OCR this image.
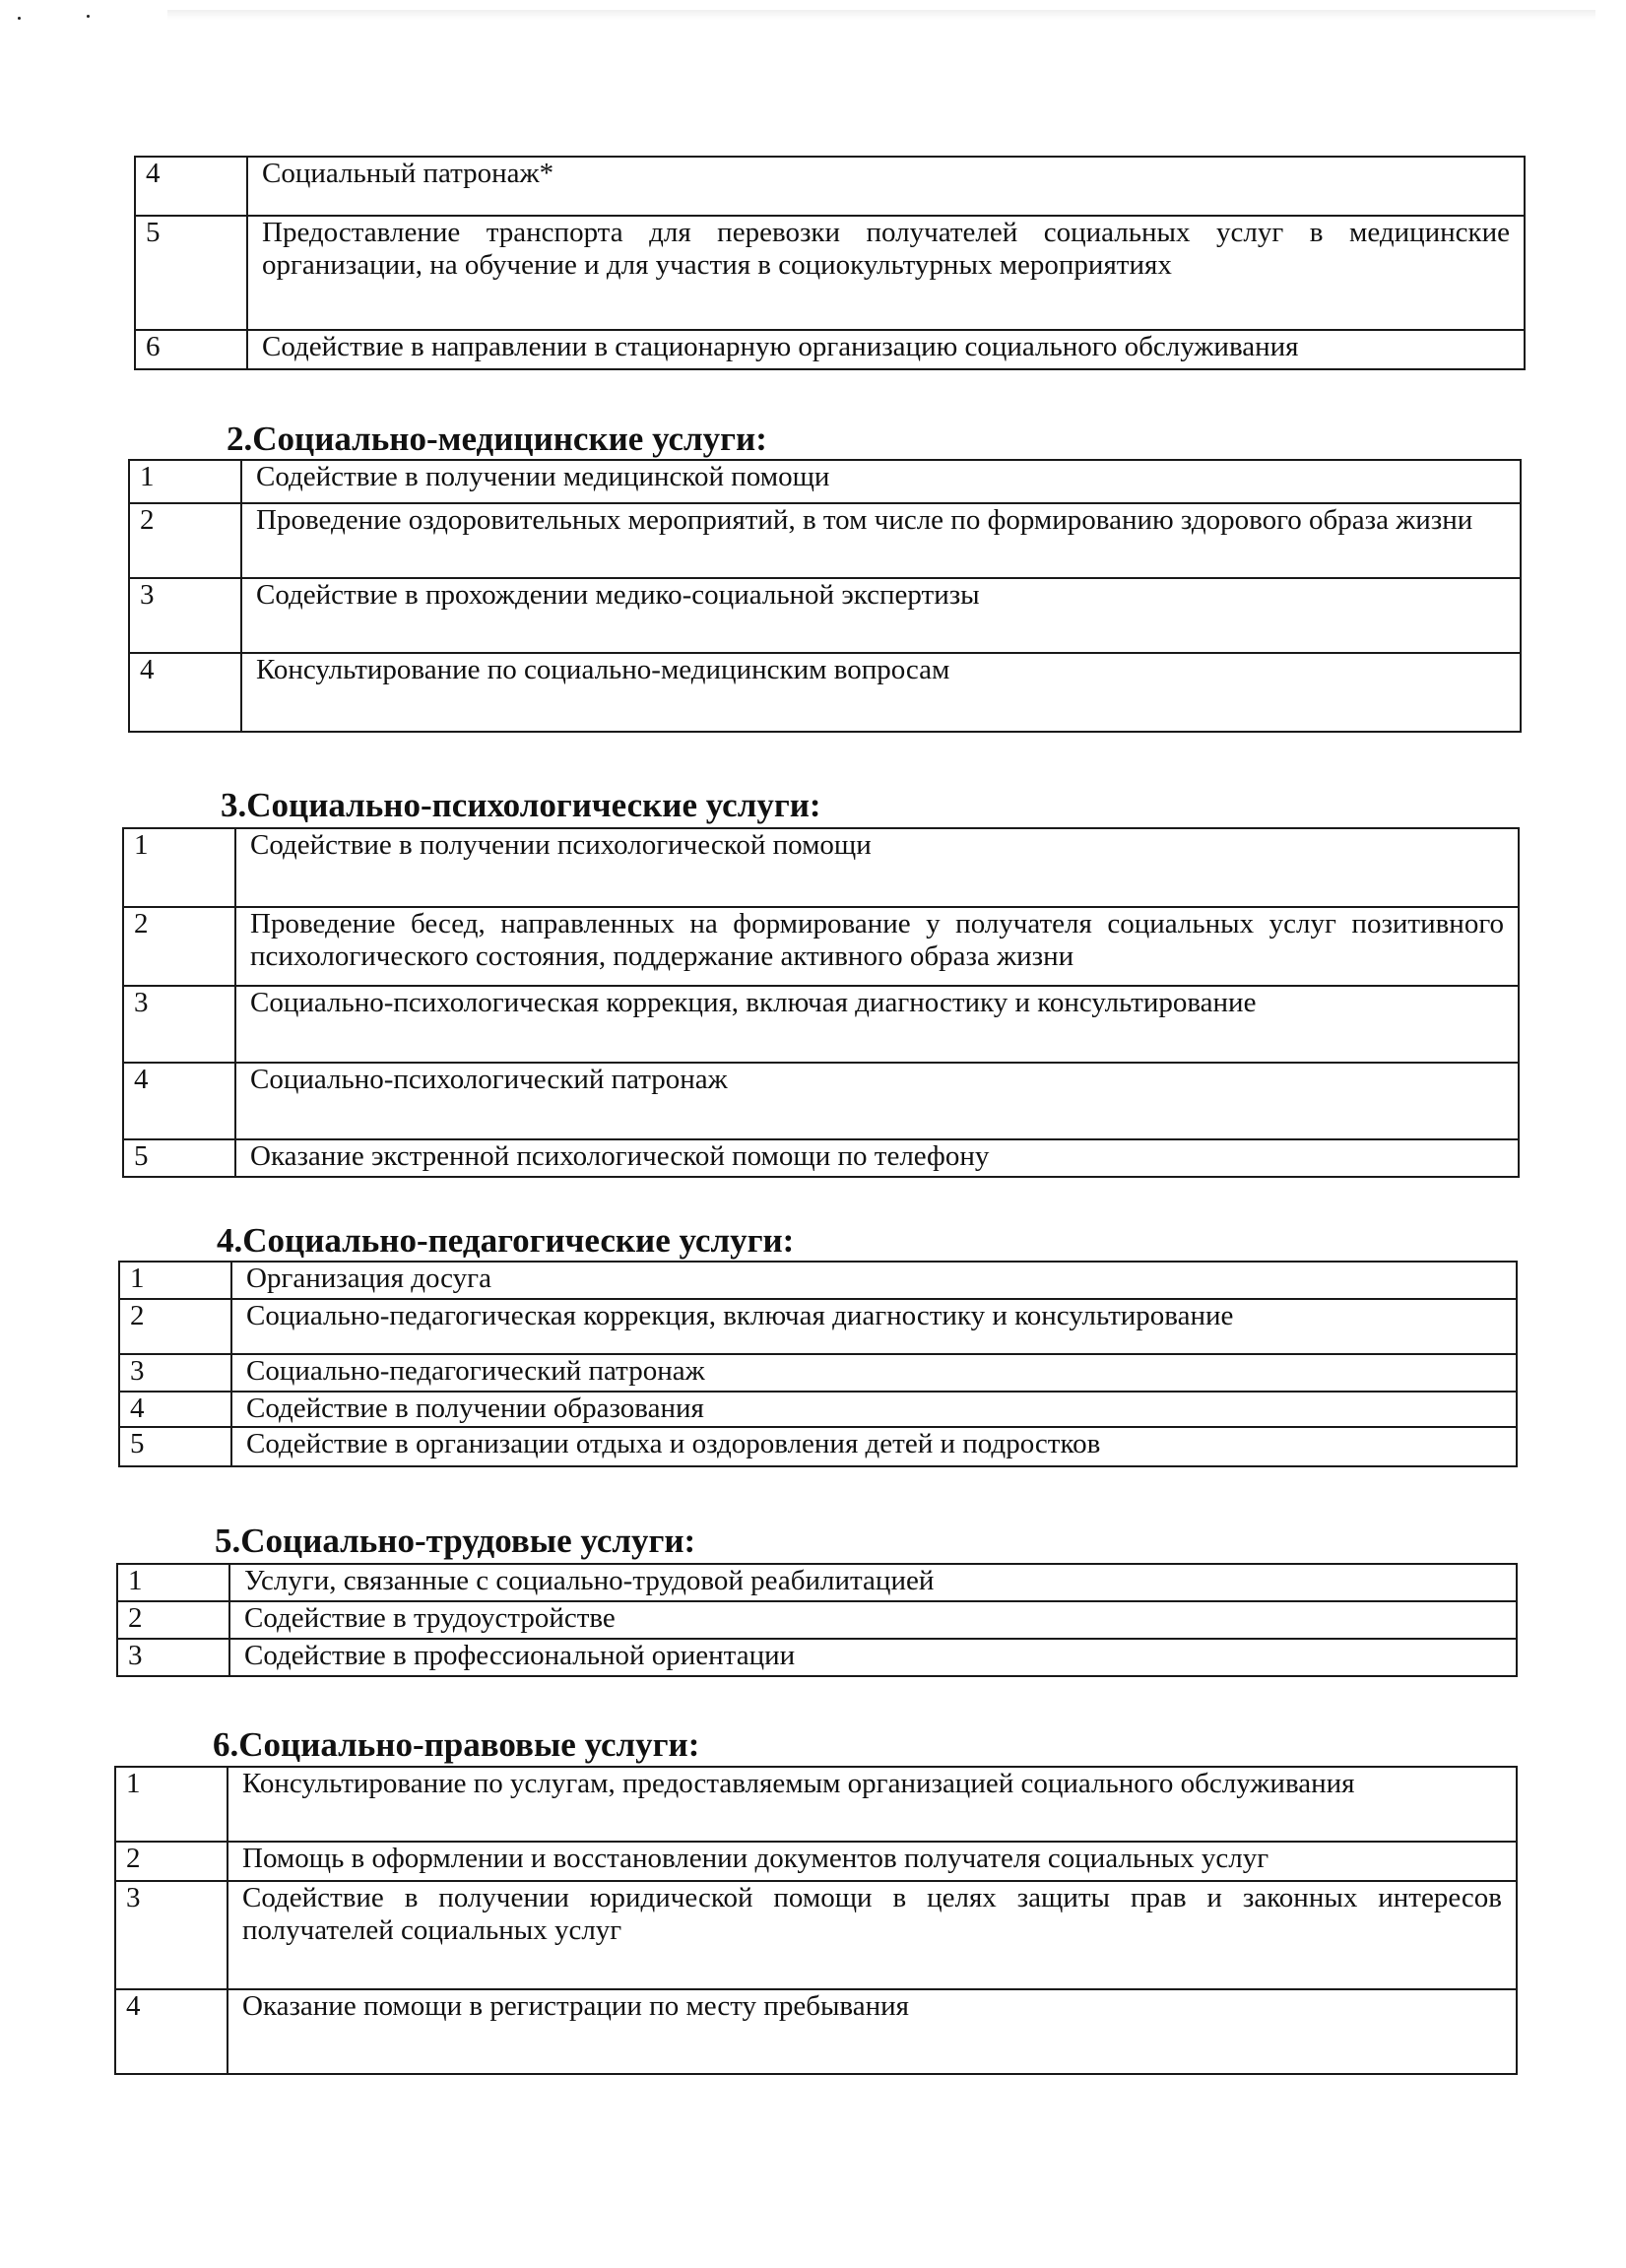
4	Социальный патронаж*
5	Предоставление транспорта для перевозки получателей социальных услуг в медицинские организации, на обучение и для участия в социокультурных мероприятиях
6	Содействие в направлении в стационарную организацию социального обслуживания
2.Социально-медицинские услуги:
1	Содействие в получении медицинской помощи
2	Проведение оздоровительных мероприятий, в том числе по формированию здорового образа жизни
3	Содействие в прохождении медико-социальной экспертизы
4	Консультирование по социально-медицинским вопросам
3.Социально-психологические услуги:
1	Содействие в получении психологической помощи
2	Проведение бесед, направленных на формирование у получателя социальных услуг позитивного психологического состояния, поддержание активного образа жизни
3	Социально-психологическая коррекция, включая диагностику и консультирование
4	Социально-психологический патронаж
5	Оказание экстренной психологической помощи по телефону
4.Социально-педагогические услуги:
1	Организация досуга
2	Социально-педагогическая коррекция, включая диагностику и консультирование
3	Социально-педагогический патронаж
4	Содействие в получении образования
5	Содействие в организации отдыха и оздоровления детей и подростков
5.Социально-трудовые услуги:
1	Услуги, связанные с социально-трудовой реабилитацией
2	Содействие в трудоустройстве
3	Содействие в профессиональной ориентации
6.Социально-правовые услуги:
1	Консультирование по услугам, предоставляемым организацией социального обслуживания
2	Помощь в оформлении и восстановлении документов получателя социальных услуг
3	Содействие в получении юридической помощи в целях защиты прав и законных интересов получателей социальных услуг
4	Оказание помощи в регистрации по месту пребывания
